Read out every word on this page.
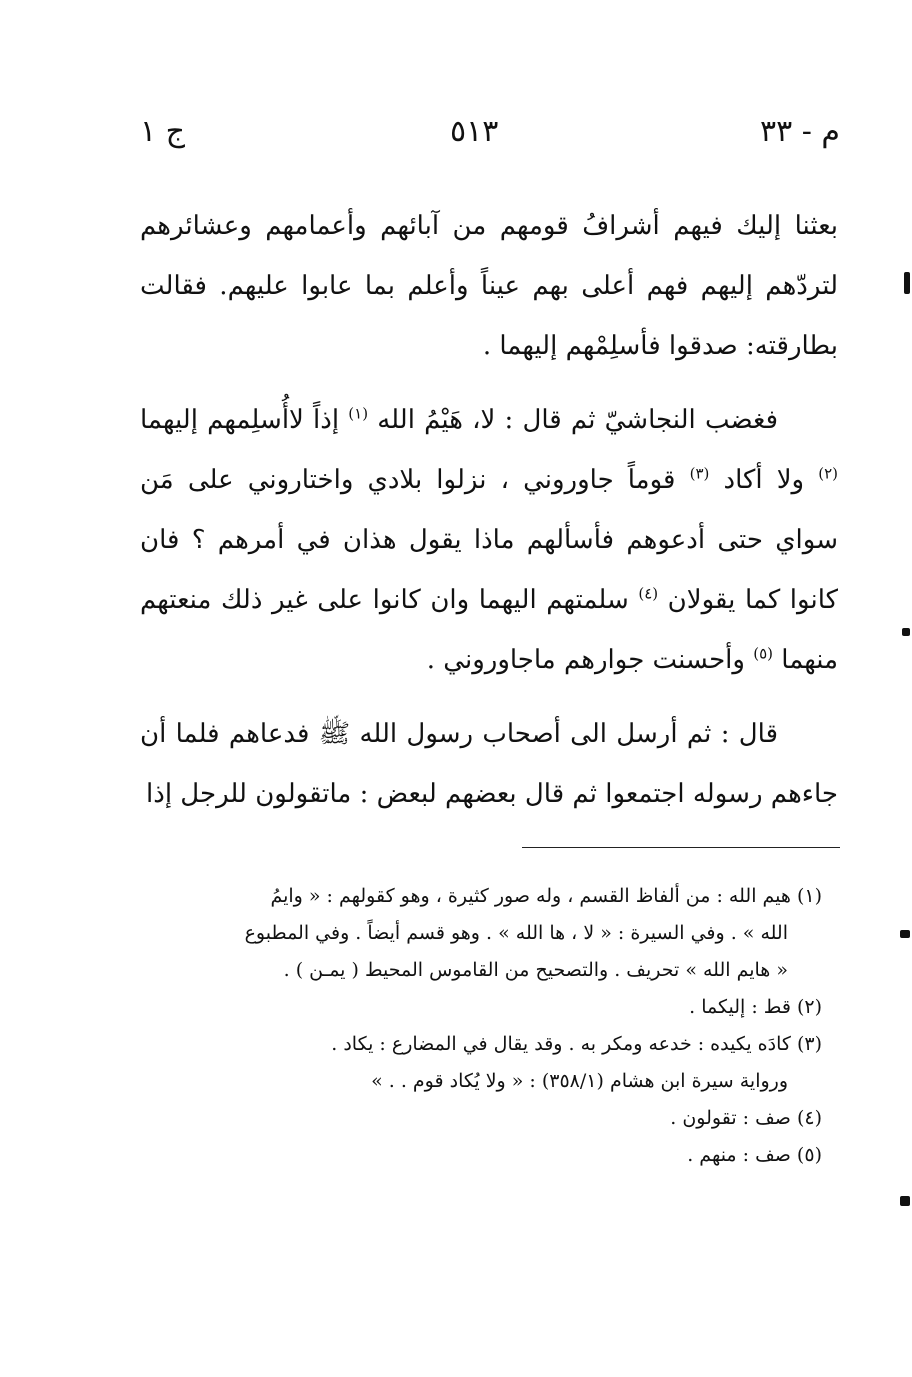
م - ٣٣
٥١٣
ج ١

بعثنا إليك فيهم أشرافُ قومهم من آبائهم وأعمامهم وعشائرهم لتردّهم إليهم فهم أعلى بهم عيناً وأعلم بما عابوا عليهم. فقالت بطارقته: صدقوا فأسلِمْهم إليهما .

فغضب النجاشيّ ثم قال : لا، هَيْمُ الله $^{(١)}$ إذاً لاأُسلِمهم إليهما $^{(٢)}$ ولا أكاد $^{(٣)}$ قوماً جاوروني ، نزلوا بلادي واختاروني على مَن سواي حتى أدعوهم فأسألهم ماذا يقول هذان في أمرهم ؟ فان كانوا كما يقولان $^{(٤)}$ سلمتهم اليهما وان كانوا على غير ذلك منعتهم منهما $^{(٥)}$ وأحسنت جوارهم ماجاوروني .

قال : ثم أرسل الى أصحاب رسول الله ﷺ فدعاهم فلما أن جاءهم رسوله اجتمعوا ثم قال بعضهم لبعض : ماتقولون للرجل إذا

(١) هيم الله : من ألفاظ القسم ، وله صور كثيرة ، وهو كقولهم : « وايمُ

الله » . وفي السيرة : « لا ، ها الله » . وهو قسم أيضاً . وفي المطبوع

« هايم الله » تحريف . والتصحيح من القاموس المحيط ( يمـن ) .

(٢) قط : إليكما .

(٣) كادَه يكيده : خدعه ومكر به . وقد يقال في المضارع : يكاد .

ورواية سيرة ابن هشام (٣٥٨/١) : « ولا يُكاد قوم . . »

(٤) صف : تقولون .

(٥) صف : منهم .
